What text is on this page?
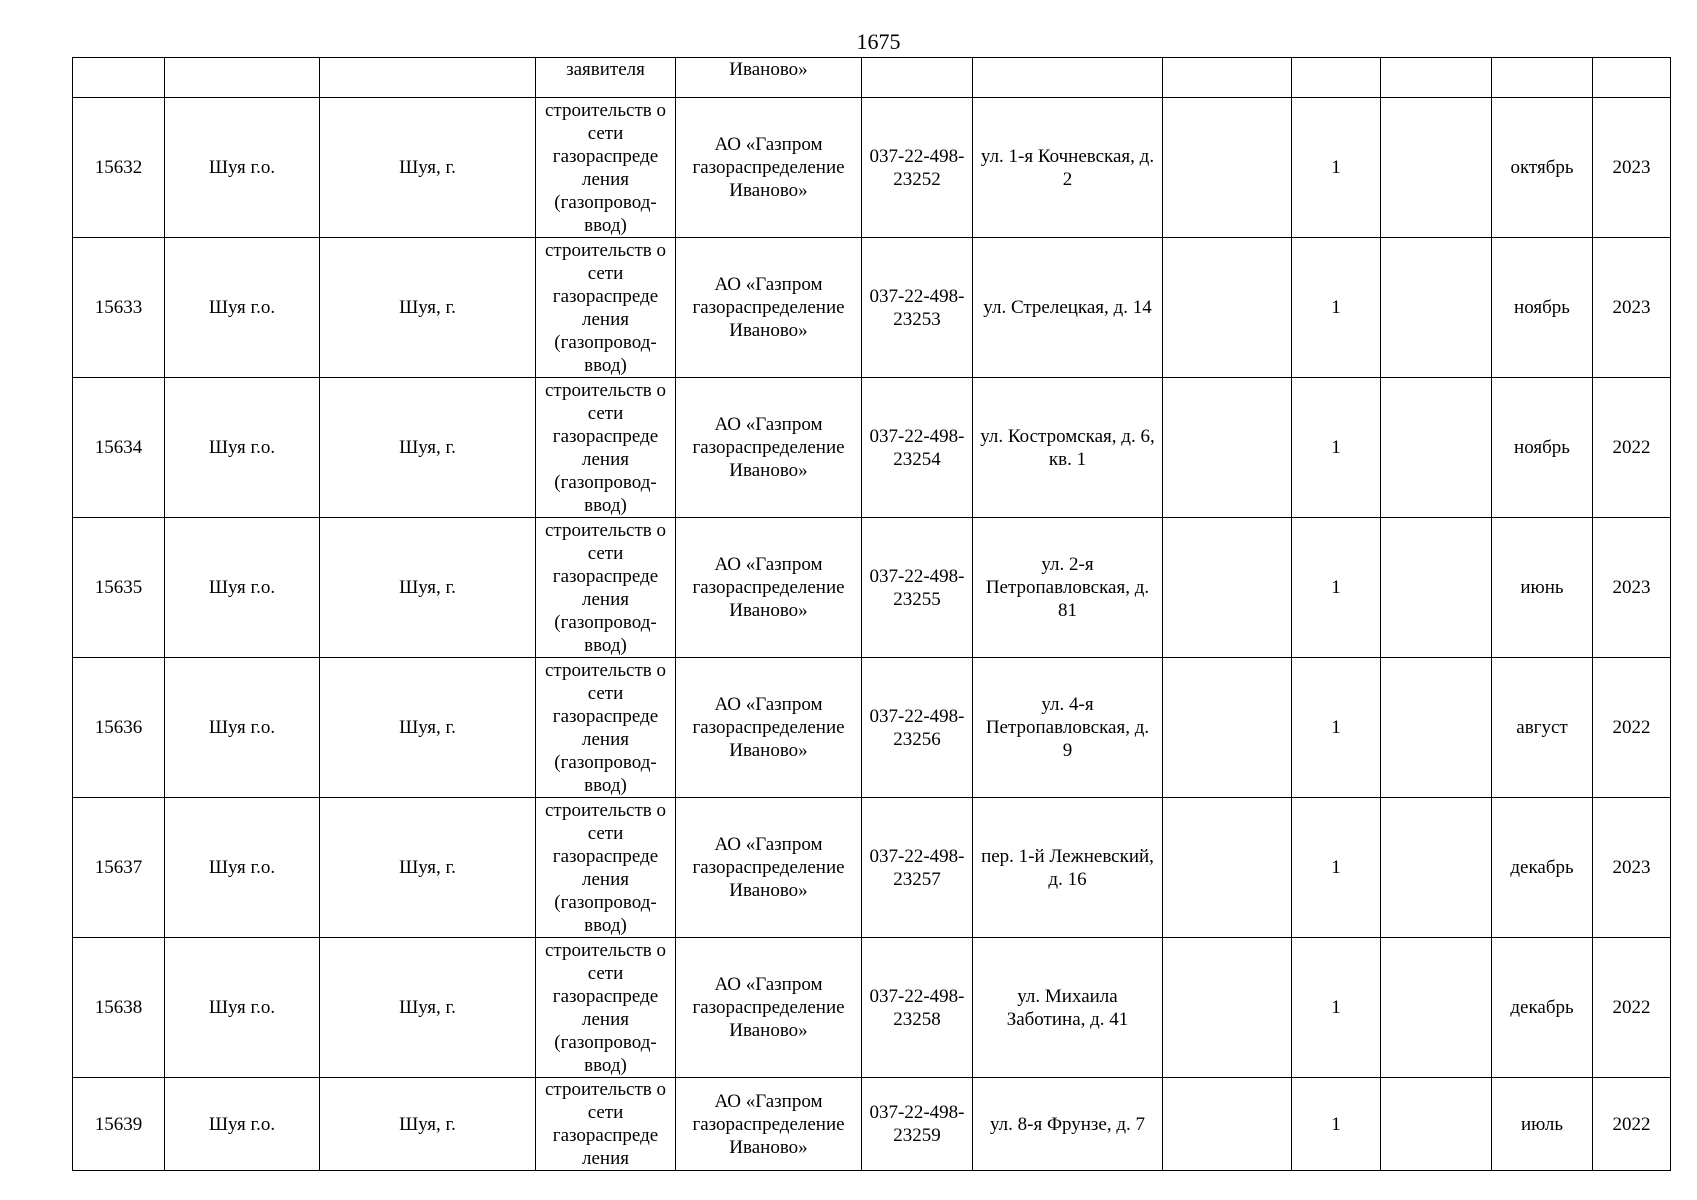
1675
			заявителя	Иваново»							
15632	Шуя г.о.	Шуя, г.	строительств о сети газораспреде ления (газопровод-ввод)	АО «Газпром газораспределение Иваново»	037-22-498-23252	ул. 1-я Кочневская, д. 2		1		октябрь	2023
15633	Шуя г.о.	Шуя, г.	строительств о сети газораспреде ления (газопровод-ввод)	АО «Газпром газораспределение Иваново»	037-22-498-23253	ул. Стрелецкая, д. 14		1		ноябрь	2023
15634	Шуя г.о.	Шуя, г.	строительств о сети газораспреде ления (газопровод-ввод)	АО «Газпром газораспределение Иваново»	037-22-498-23254	ул. Костромская, д. 6, кв. 1		1		ноябрь	2022
15635	Шуя г.о.	Шуя, г.	строительств о сети газораспреде ления (газопровод-ввод)	АО «Газпром газораспределение Иваново»	037-22-498-23255	ул. 2-я Петропавловская, д. 81		1		июнь	2023
15636	Шуя г.о.	Шуя, г.	строительств о сети газораспреде ления (газопровод-ввод)	АО «Газпром газораспределение Иваново»	037-22-498-23256	ул. 4-я Петропавловская, д. 9		1		август	2022
15637	Шуя г.о.	Шуя, г.	строительств о сети газораспреде ления (газопровод-ввод)	АО «Газпром газораспределение Иваново»	037-22-498-23257	пер. 1-й Лежневский, д. 16		1		декабрь	2023
15638	Шуя г.о.	Шуя, г.	строительств о сети газораспреде ления (газопровод-ввод)	АО «Газпром газораспределение Иваново»	037-22-498-23258	ул. Михаила Заботина, д. 41		1		декабрь	2022
15639	Шуя г.о.	Шуя, г.	строительств о сети газораспреде ления	АО «Газпром газораспределение Иваново»	037-22-498-23259	ул. 8-я Фрунзе, д. 7		1		июль	2022
